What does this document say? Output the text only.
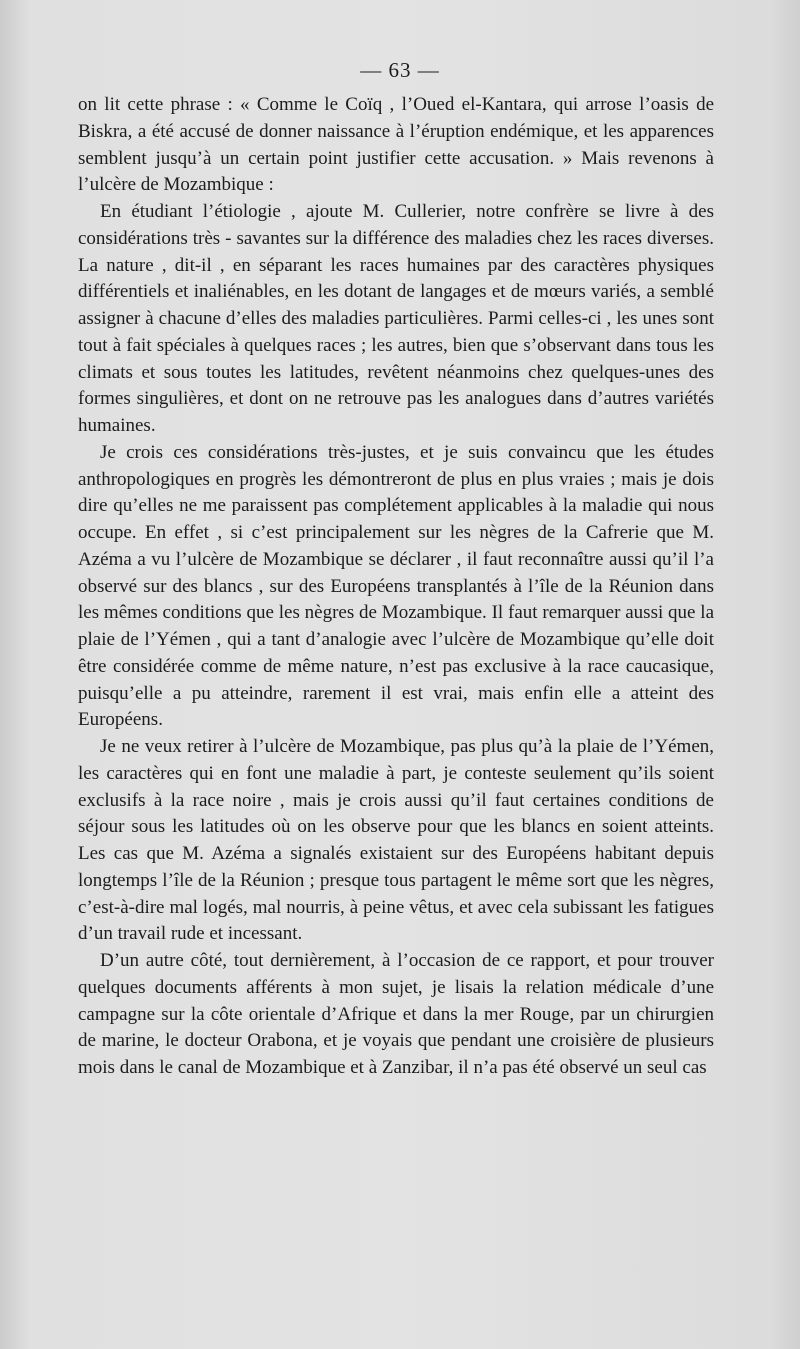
— 63 —

on lit cette phrase : « Comme le Coïq , l’Oued el-Kantara, qui arrose l’oasis de Biskra, a été accusé de donner naissance à l’éruption endémique, et les apparences semblent jusqu’à un certain point justifier cette accusation. » Mais revenons à l’ulcère de Mozambique :

En étudiant l’étiologie , ajoute M. Cullerier, notre confrère se livre à des considérations très - savantes sur la différence des maladies chez les races diverses. La nature , dit-il , en séparant les races humaines par des caractères physiques différentiels et inaliénables, en les dotant de langages et de mœurs variés, a semblé assigner à chacune d’elles des maladies particulières. Parmi celles-ci , les unes sont tout à fait spéciales à quelques races ; les autres, bien que s’observant dans tous les climats et sous toutes les latitudes, revêtent néanmoins chez quelques-unes des formes singulières, et dont on ne retrouve pas les analogues dans d’autres variétés humaines.

Je crois ces considérations très-justes, et je suis convaincu que les études anthropologiques en progrès les démontreront de plus en plus vraies ; mais je dois dire qu’elles ne me paraissent pas complétement applicables à la maladie qui nous occupe. En effet , si c’est principalement sur les nègres de la Cafrerie que M. Azéma a vu l’ulcère de Mozambique se déclarer , il faut reconnaître aussi qu’il l’a observé sur des blancs , sur des Européens transplantés à l’île de la Réunion dans les mêmes conditions que les nègres de Mozambique. Il faut remarquer aussi que la plaie de l’Yémen , qui a tant d’analogie avec l’ulcère de Mozambique qu’elle doit être considérée comme de même nature, n’est pas exclusive à la race caucasique, puisqu’elle a pu atteindre, rarement il est vrai, mais enfin elle a atteint des Européens.

Je ne veux retirer à l’ulcère de Mozambique, pas plus qu’à la plaie de l’Yémen, les caractères qui en font une maladie à part, je conteste seulement qu’ils soient exclusifs à la race noire , mais je crois aussi qu’il faut certaines conditions de séjour sous les latitudes où on les observe pour que les blancs en soient atteints. Les cas que M. Azéma a signalés existaient sur des Européens habitant depuis longtemps l’île de la Réunion ; presque tous partagent le même sort que les nègres, c’est-à-dire mal logés, mal nourris, à peine vêtus, et avec cela subissant les fatigues d’un travail rude et incessant.

D’un autre côté, tout dernièrement, à l’occasion de ce rapport, et pour trouver quelques documents afférents à mon sujet, je lisais la relation médicale d’une campagne sur la côte orientale d’Afrique et dans la mer Rouge, par un chirurgien de marine, le docteur Orabona, et je voyais que pendant une croisière de plusieurs mois dans le canal de Mozambique et à Zanzibar, il n’a pas été observé un seul cas
